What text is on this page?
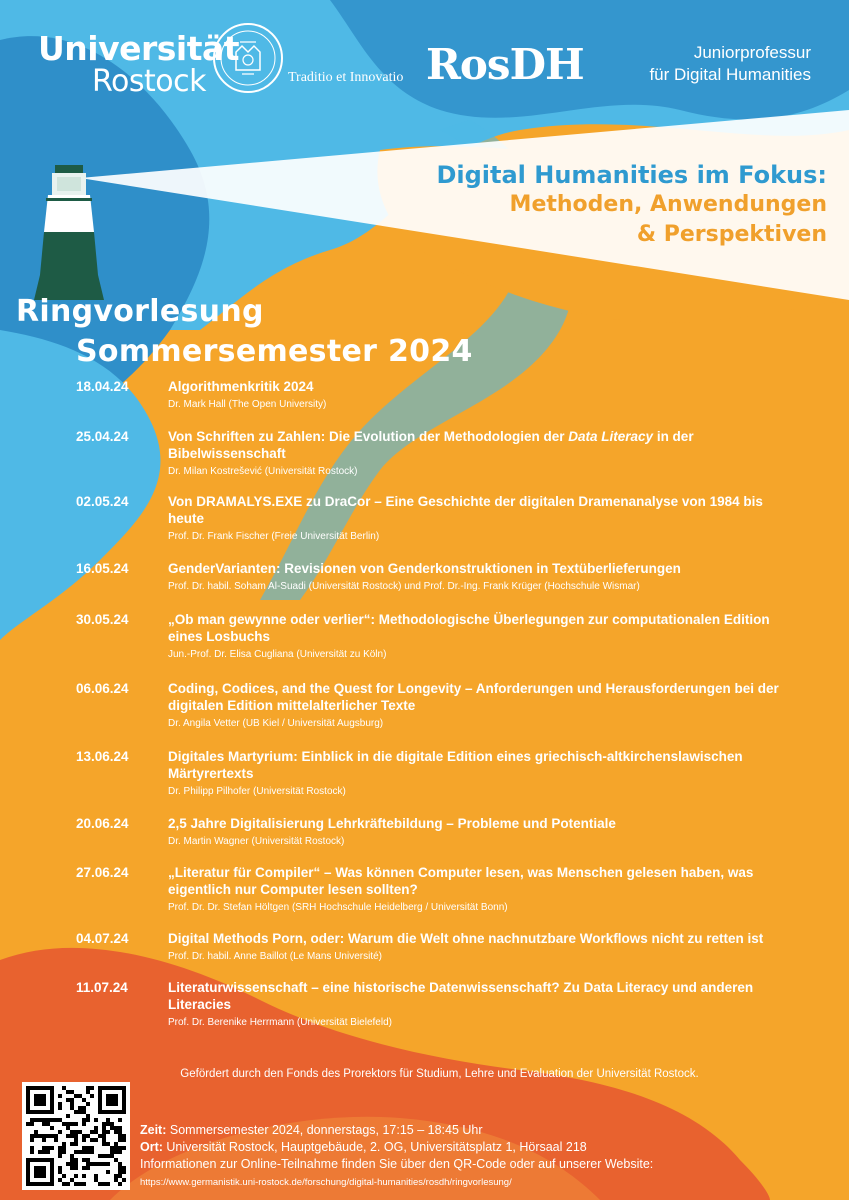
Universität
Rostock	Traditio et Innovatio RosDH	Juniorprofessur
für Digital Humanities
Digital Humanities im Fokus:
Methoden, Anwendungen
& Perspektiven
Ringvorlesung
Sommersemester 2024
18.04.24	Algorithmenkritik 2024
Dr. Mark Hall (The Open University)
25.04.24	Von Schriften zu Zahlen: Die Evolution der Methodologien der Data Literacy in der Bibelwissenschaft
Dr. Milan Kostrešević (Universität Rostock)
02.05.24	Von DRAMALYS.EXE zu DraCor – Eine Geschichte der digitalen Dramenanalyse von 1984 bis heute
Prof. Dr. Frank Fischer (Freie Universität Berlin)
16.05.24	GenderVarianten: Revisionen von Genderkonstruktionen in Textüberlieferungen
Prof. Dr. habil. Soham Al-Suadi (Universität Rostock) und Prof. Dr.-Ing. Frank Krüger (Hochschule Wismar)
30.05.24	„Ob man gewynne oder verlier“: Methodologische Überlegungen zur computationalen Edition eines Losbuchs
Jun.-Prof. Dr. Elisa Cugliana (Universität zu Köln)
06.06.24	Coding, Codices, and the Quest for Longevity – Anforderungen und Herausforderungen bei der digitalen Edition mittelalterlicher Texte
Dr. Angila Vetter (UB Kiel / Universität Augsburg)
13.06.24	Digitales Martyrium: Einblick in die digitale Edition eines griechisch-altkirchenslawischen Märtyrertexts
Dr. Philipp Pilhofer (Universität Rostock)
20.06.24	2,5 Jahre Digitalisierung Lehrkräftebildung – Probleme und Potentiale
Dr. Martin Wagner (Universität Rostock)
27.06.24	„Literatur für Compiler“ – Was können Computer lesen, was Menschen gelesen haben, was eigentlich nur Computer lesen sollten?
Prof. Dr. Dr. Stefan Höltgen (SRH Hochschule Heidelberg / Universität Bonn)
04.07.24	Digital Methods Porn, oder: Warum die Welt ohne nachnutzbare Workflows nicht zu retten ist
Prof. Dr. habil. Anne Baillot (Le Mans Université)
11.07.24	Literaturwissenschaft – eine historische Datenwissenschaft? Zu Data Literacy und anderen Literacies
Prof. Dr. Berenike Herrmann (Universität Bielefeld)
Gefördert durch den Fonds des Prorektors für Studium, Lehre und Evaluation der Universität Rostock.
Zeit: Sommersemester 2024, donnerstags, 17:15 – 18:45 Uhr
Ort: Universität Rostock, Hauptgebäude, 2. OG, Universitätsplatz 1, Hörsaal 218
Informationen zur Online-Teilnahme finden Sie über den QR-Code oder auf unserer Website:
https://www.germanistik.uni-rostock.de/forschung/digital-humanities/rosdh/ringvorlesung/
